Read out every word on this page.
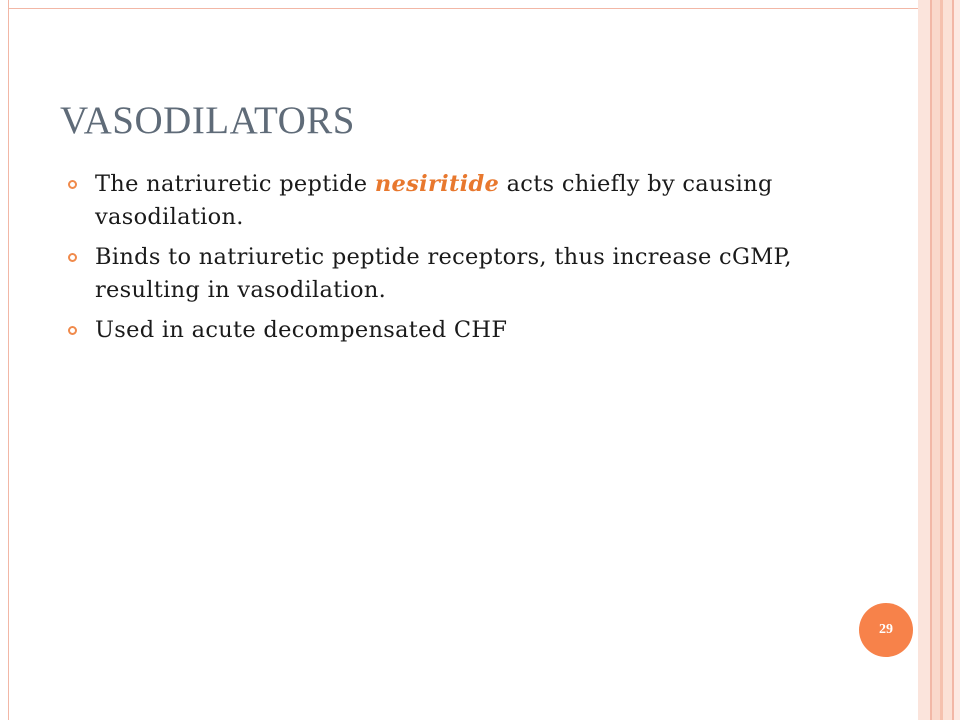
VASODILATORS
The natriuretic peptide nesiritide acts chiefly by causing vasodilation.
Binds to natriuretic peptide receptors, thus increase cGMP, resulting in vasodilation.
Used in acute decompensated CHF
29
